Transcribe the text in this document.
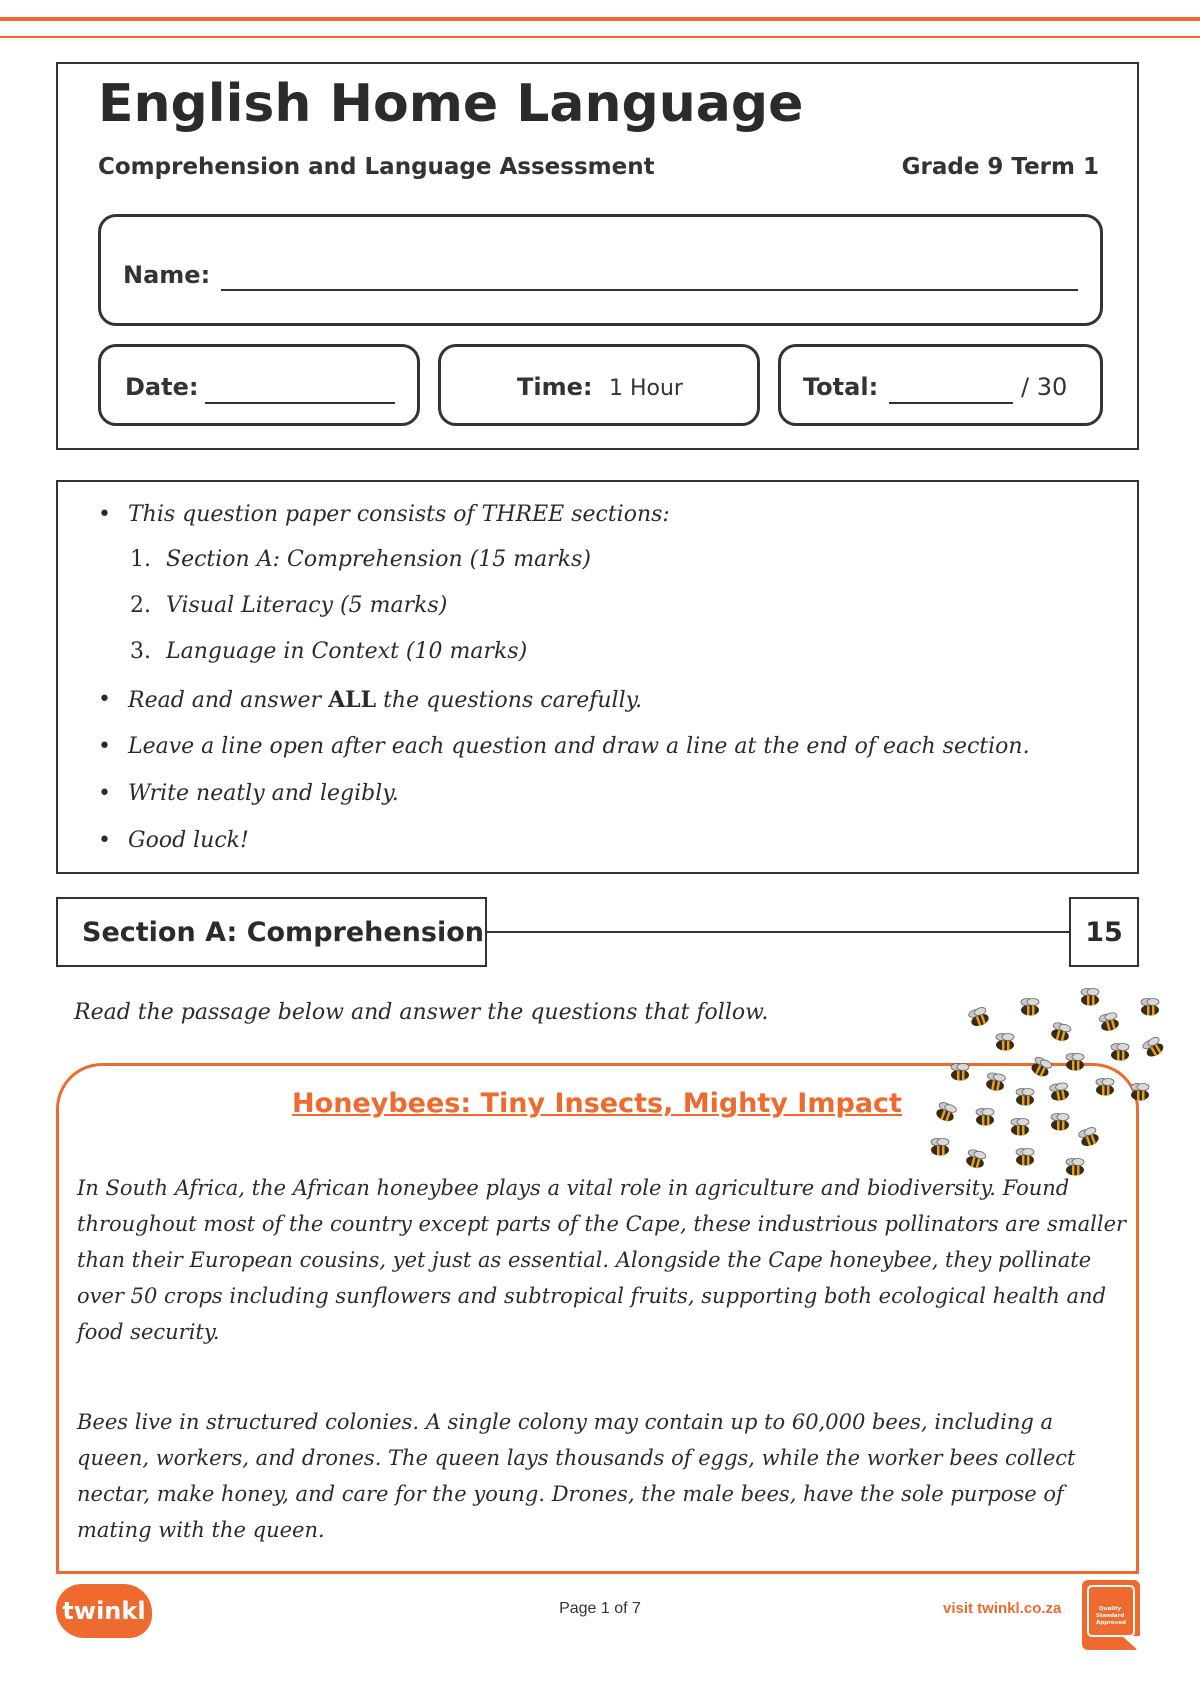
English Home Language
Comprehension and Language Assessment	Grade 9 Term 1
Name:
Date:	Time: 1 Hour	Total:	/ 30
• This question paper consists of THREE sections:
1. Section A: Comprehension (15 marks)
2. Visual Literacy (5 marks)
3. Language in Context (10 marks)
• Read and answer ALL the questions carefully.
• Leave a line open after each question and draw a line at the end of each section.
• Write neatly and legibly.
• Good luck!
Section A: Comprehension	15
Read the passage below and answer the questions that follow.
Honeybees: Tiny Insects, Mighty Impact

In South Africa, the African honeybee plays a vital role in agriculture and biodiversity. Found throughout most of the country except parts of the Cape, these industrious pollinators are smaller than their European cousins, yet just as essential. Alongside the Cape honeybee, they pollinate over 50 crops including sunflowers and subtropical fruits, supporting both ecological health and food security.

Bees live in structured colonies. A single colony may contain up to 60,000 bees, including a queen, workers, and drones. The queen lays thousands of eggs, while the worker bees collect nectar, make honey, and care for the young. Drones, the male bees, have the sole purpose of mating with the queen.

twinkl	Page 1 of 7	visit twinkl.co.za	Quality Standard Approved
